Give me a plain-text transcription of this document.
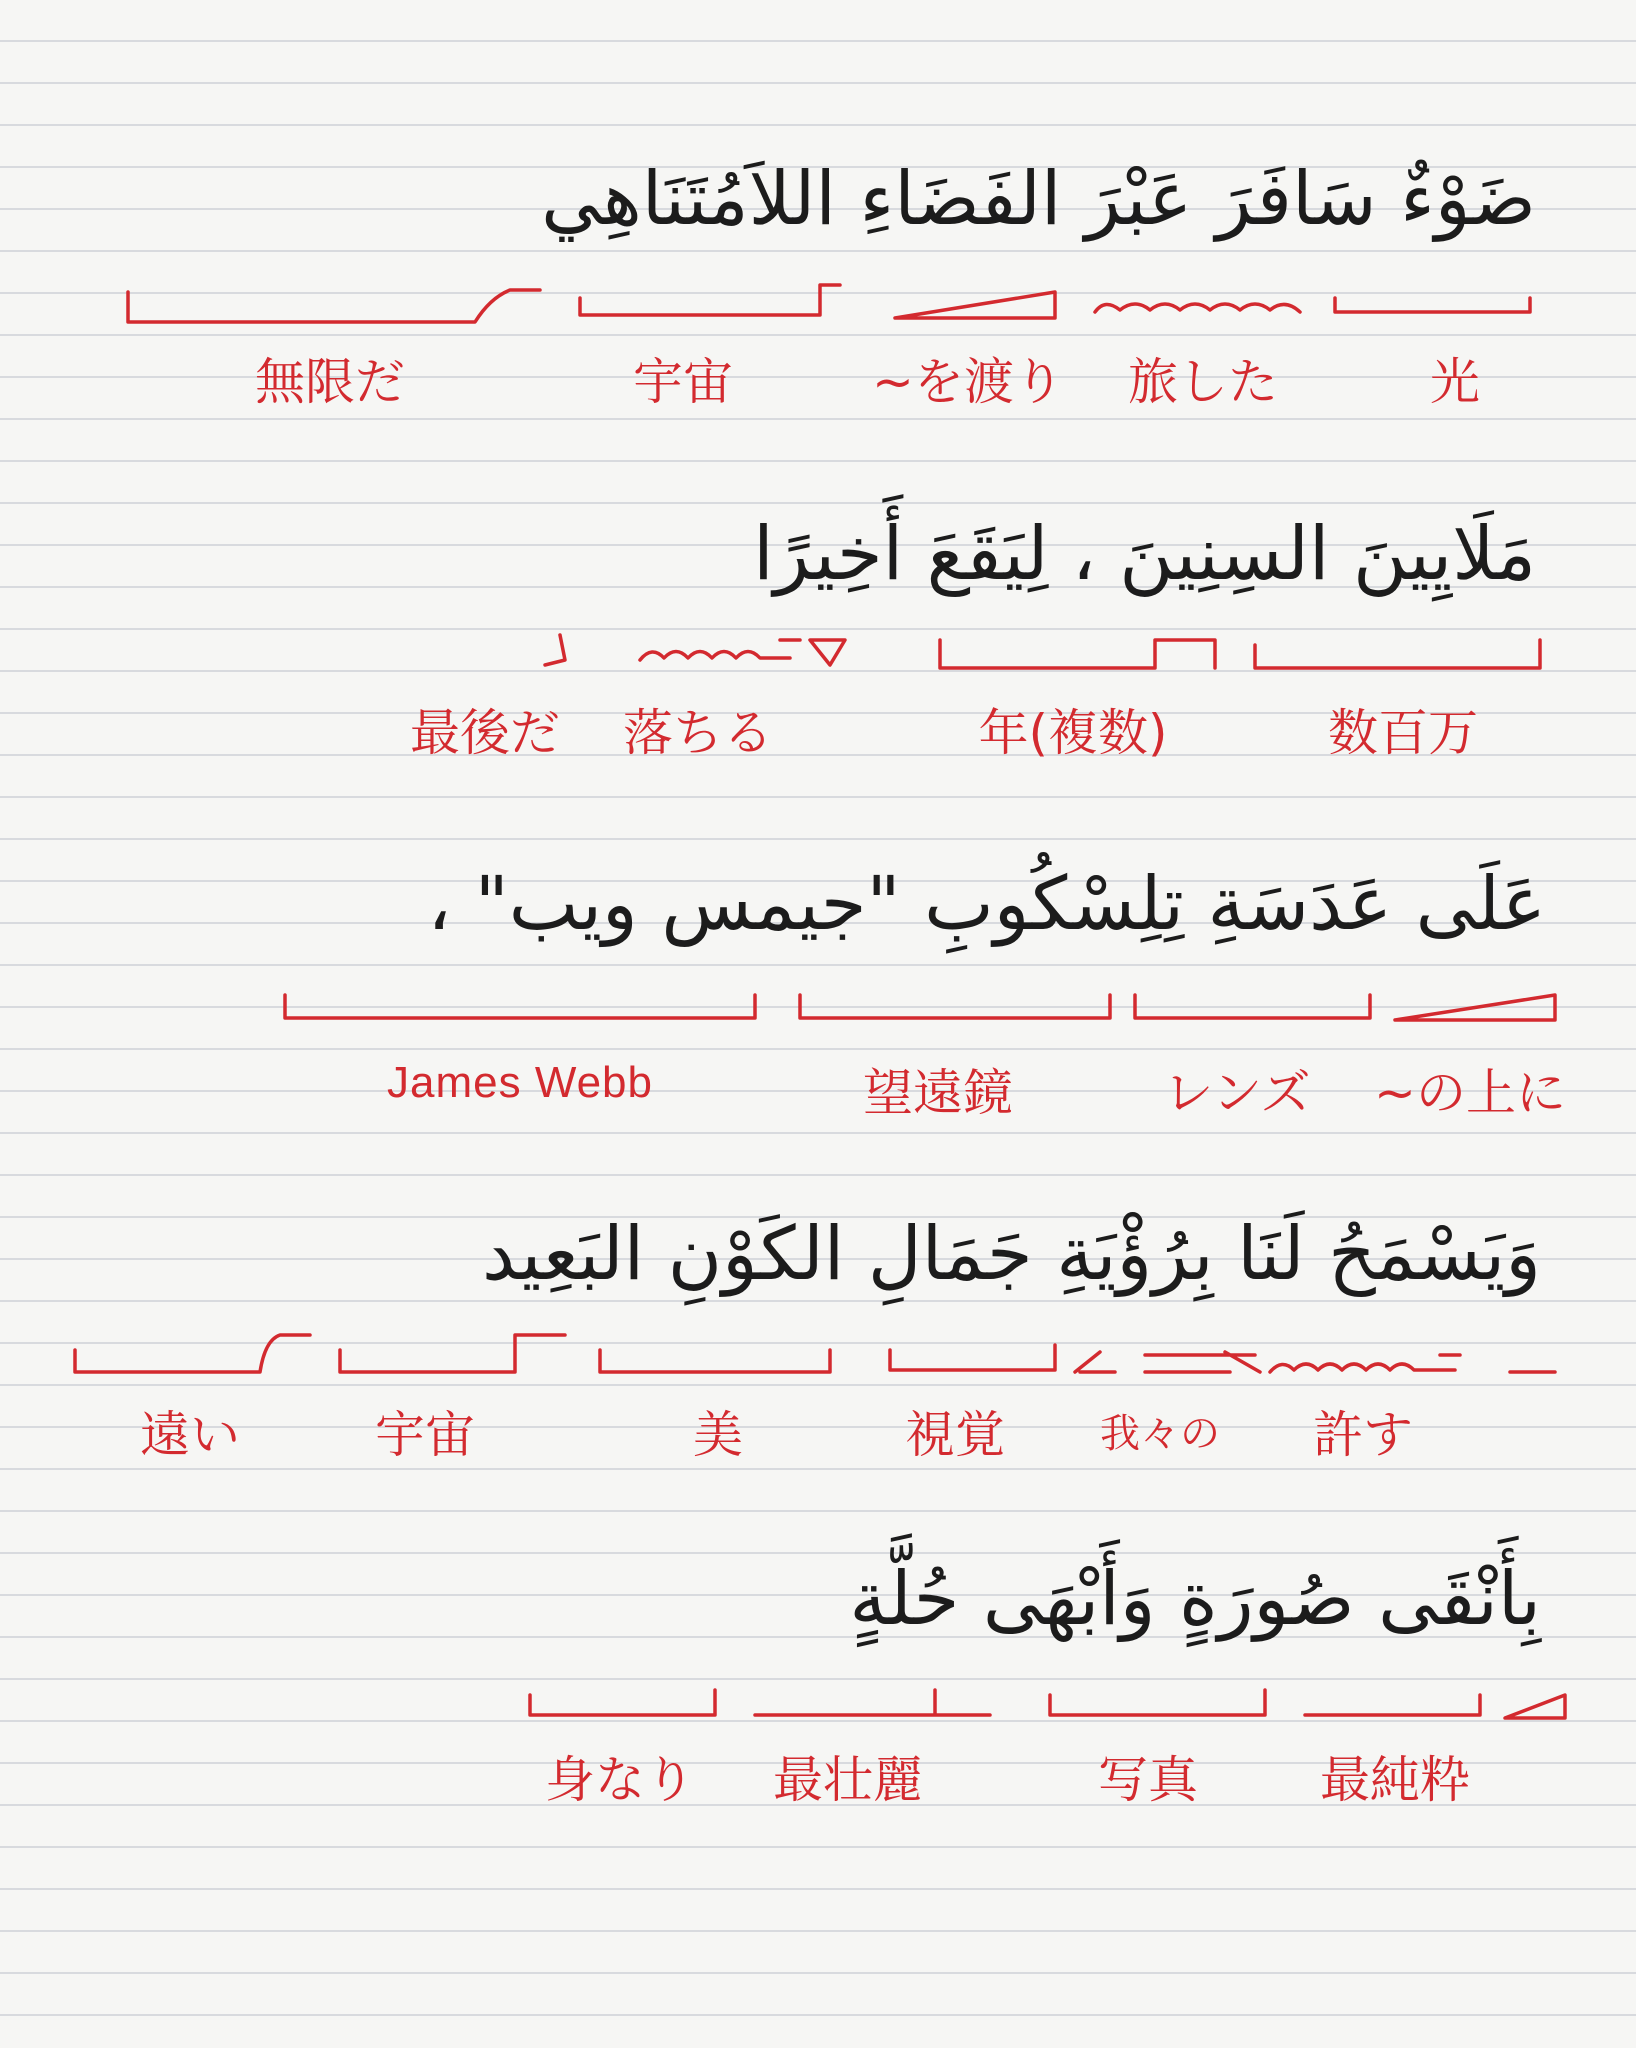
ضَوْءٌ سَافَرَ عَبْرَ الفَضَاءِ اللاَمُتَنَاهِي
مَلَايِينَ السِنِينَ ، لِيَقَعَ أَخِيرًا
عَلَى عَدَسَةِ تِلِسْكُوبِ "جيمس ويب" ،
وَيَسْمَحُ لَنَا بِرُؤْيَةِ جَمَالِ الكَوْنِ البَعِيد
بِأَنْقَى صُورَةٍ وَأَبْهَى حُلَّةٍ
光
旅した
~を渡り
宇宙
無限だ
数百万
年(複数)
落ちる
最後だ
~の上に
レンズ
望遠鏡
James Webb
許す
我々の
視覚
美
宇宙
遠い
最純粋
写真
最壮麗
身なり
